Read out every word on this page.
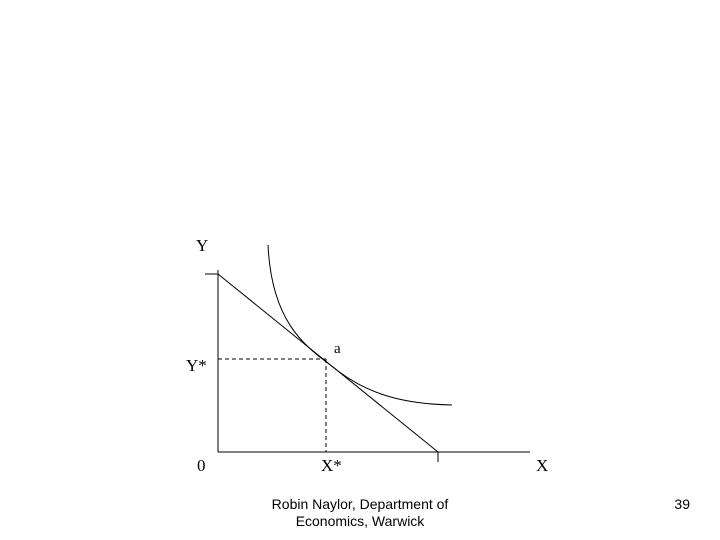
Y
Y*
0	X*	X
a
Robin Naylor, Department of
Economics, Warwick
39
